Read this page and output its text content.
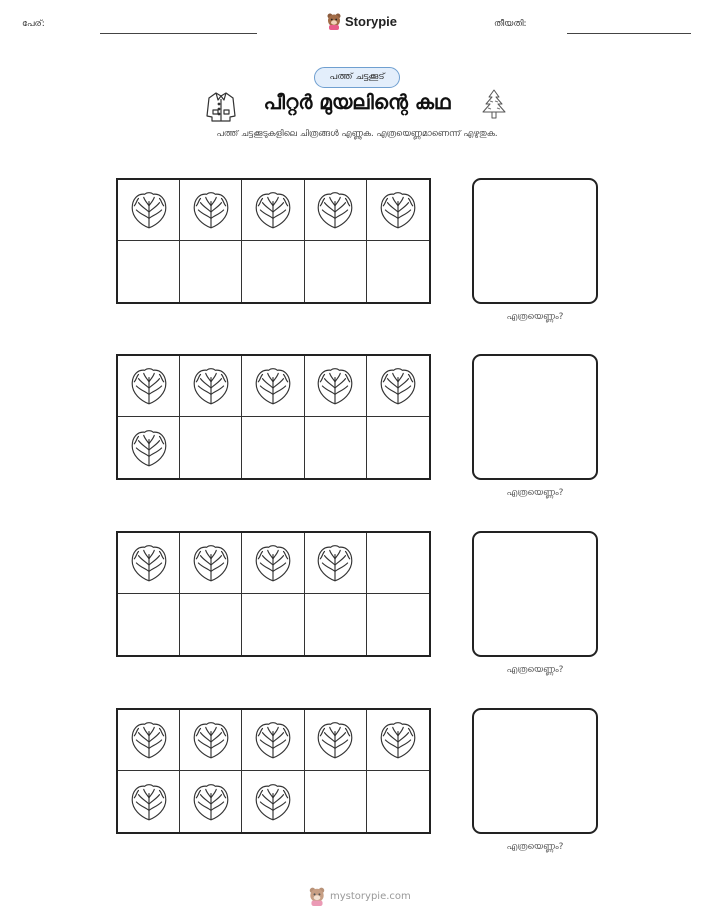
പേര്:	Storypie	തീയതി:
പത്ത് ചട്ടക്കൂട്
പീറ്റർ മുയലിന്റെ കഥ
പത്ത് ചട്ടക്കൂടുകളിലെ ചിത്രങ്ങൾ എണ്ണുക. എത്രയെണ്ണമാണെന്ന് എഴുതുക.
എത്രയെണ്ണം?
എത്രയെണ്ണം?
എത്രയെണ്ണം?
എത്രയെണ്ണം?
mystorypie.com
